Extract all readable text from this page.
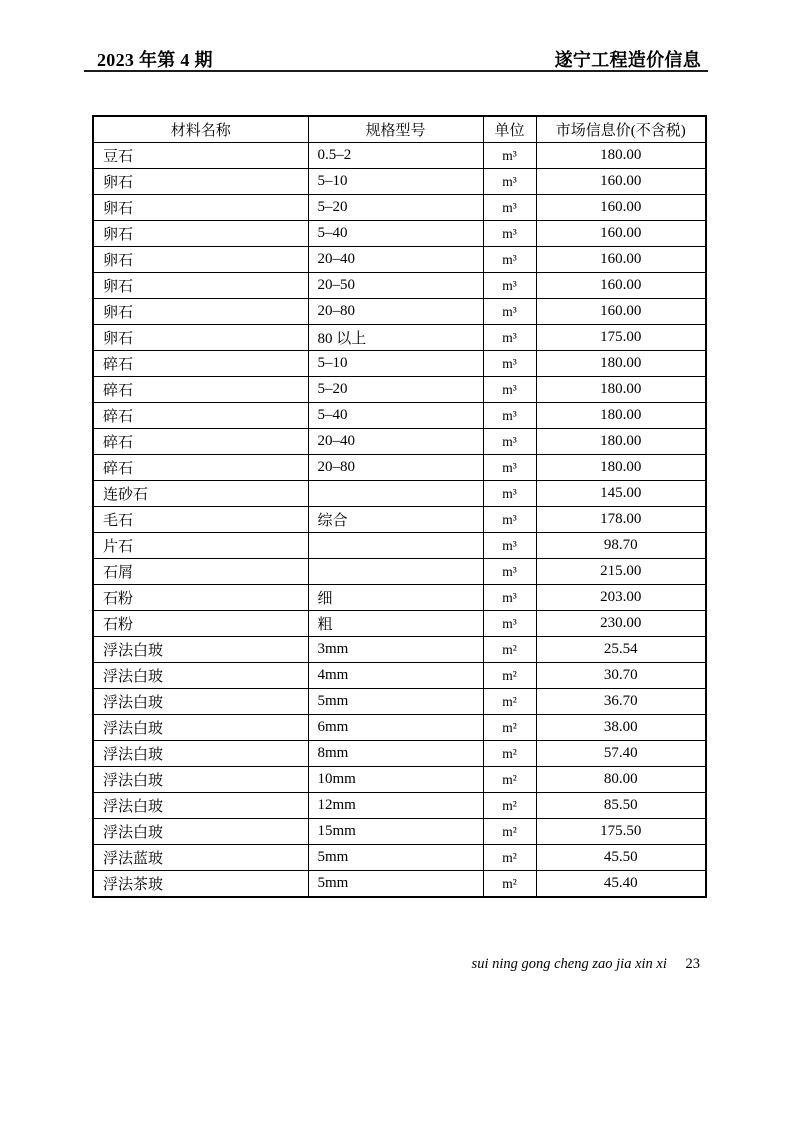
2023 年第 4 期	遂宁工程造价信息
材料名称	规格型号	单位	市场信息价(不含税)
豆石	0.5–2	m³	180.00
卵石	5–10	m³	160.00
卵石	5–20	m³	160.00
卵石	5–40	m³	160.00
卵石	20–40	m³	160.00
卵石	20–50	m³	160.00
卵石	20–80	m³	160.00
卵石	80 以上	m³	175.00
碎石	5–10	m³	180.00
碎石	5–20	m³	180.00
碎石	5–40	m³	180.00
碎石	20–40	m³	180.00
碎石	20–80	m³	180.00
连砂石		m³	145.00
毛石	综合	m³	178.00
片石		m³	98.70
石屑		m³	215.00
石粉	细	m³	203.00
石粉	粗	m³	230.00
浮法白玻	3mm	m²	25.54
浮法白玻	4mm	m²	30.70
浮法白玻	5mm	m²	36.70
浮法白玻	6mm	m²	38.00
浮法白玻	8mm	m²	57.40
浮法白玻	10mm	m²	80.00
浮法白玻	12mm	m²	85.50
浮法白玻	15mm	m²	175.50
浮法蓝玻	5mm	m²	45.50
浮法茶玻	5mm	m²	45.40
sui ning gong cheng zao jia xin xi 23
